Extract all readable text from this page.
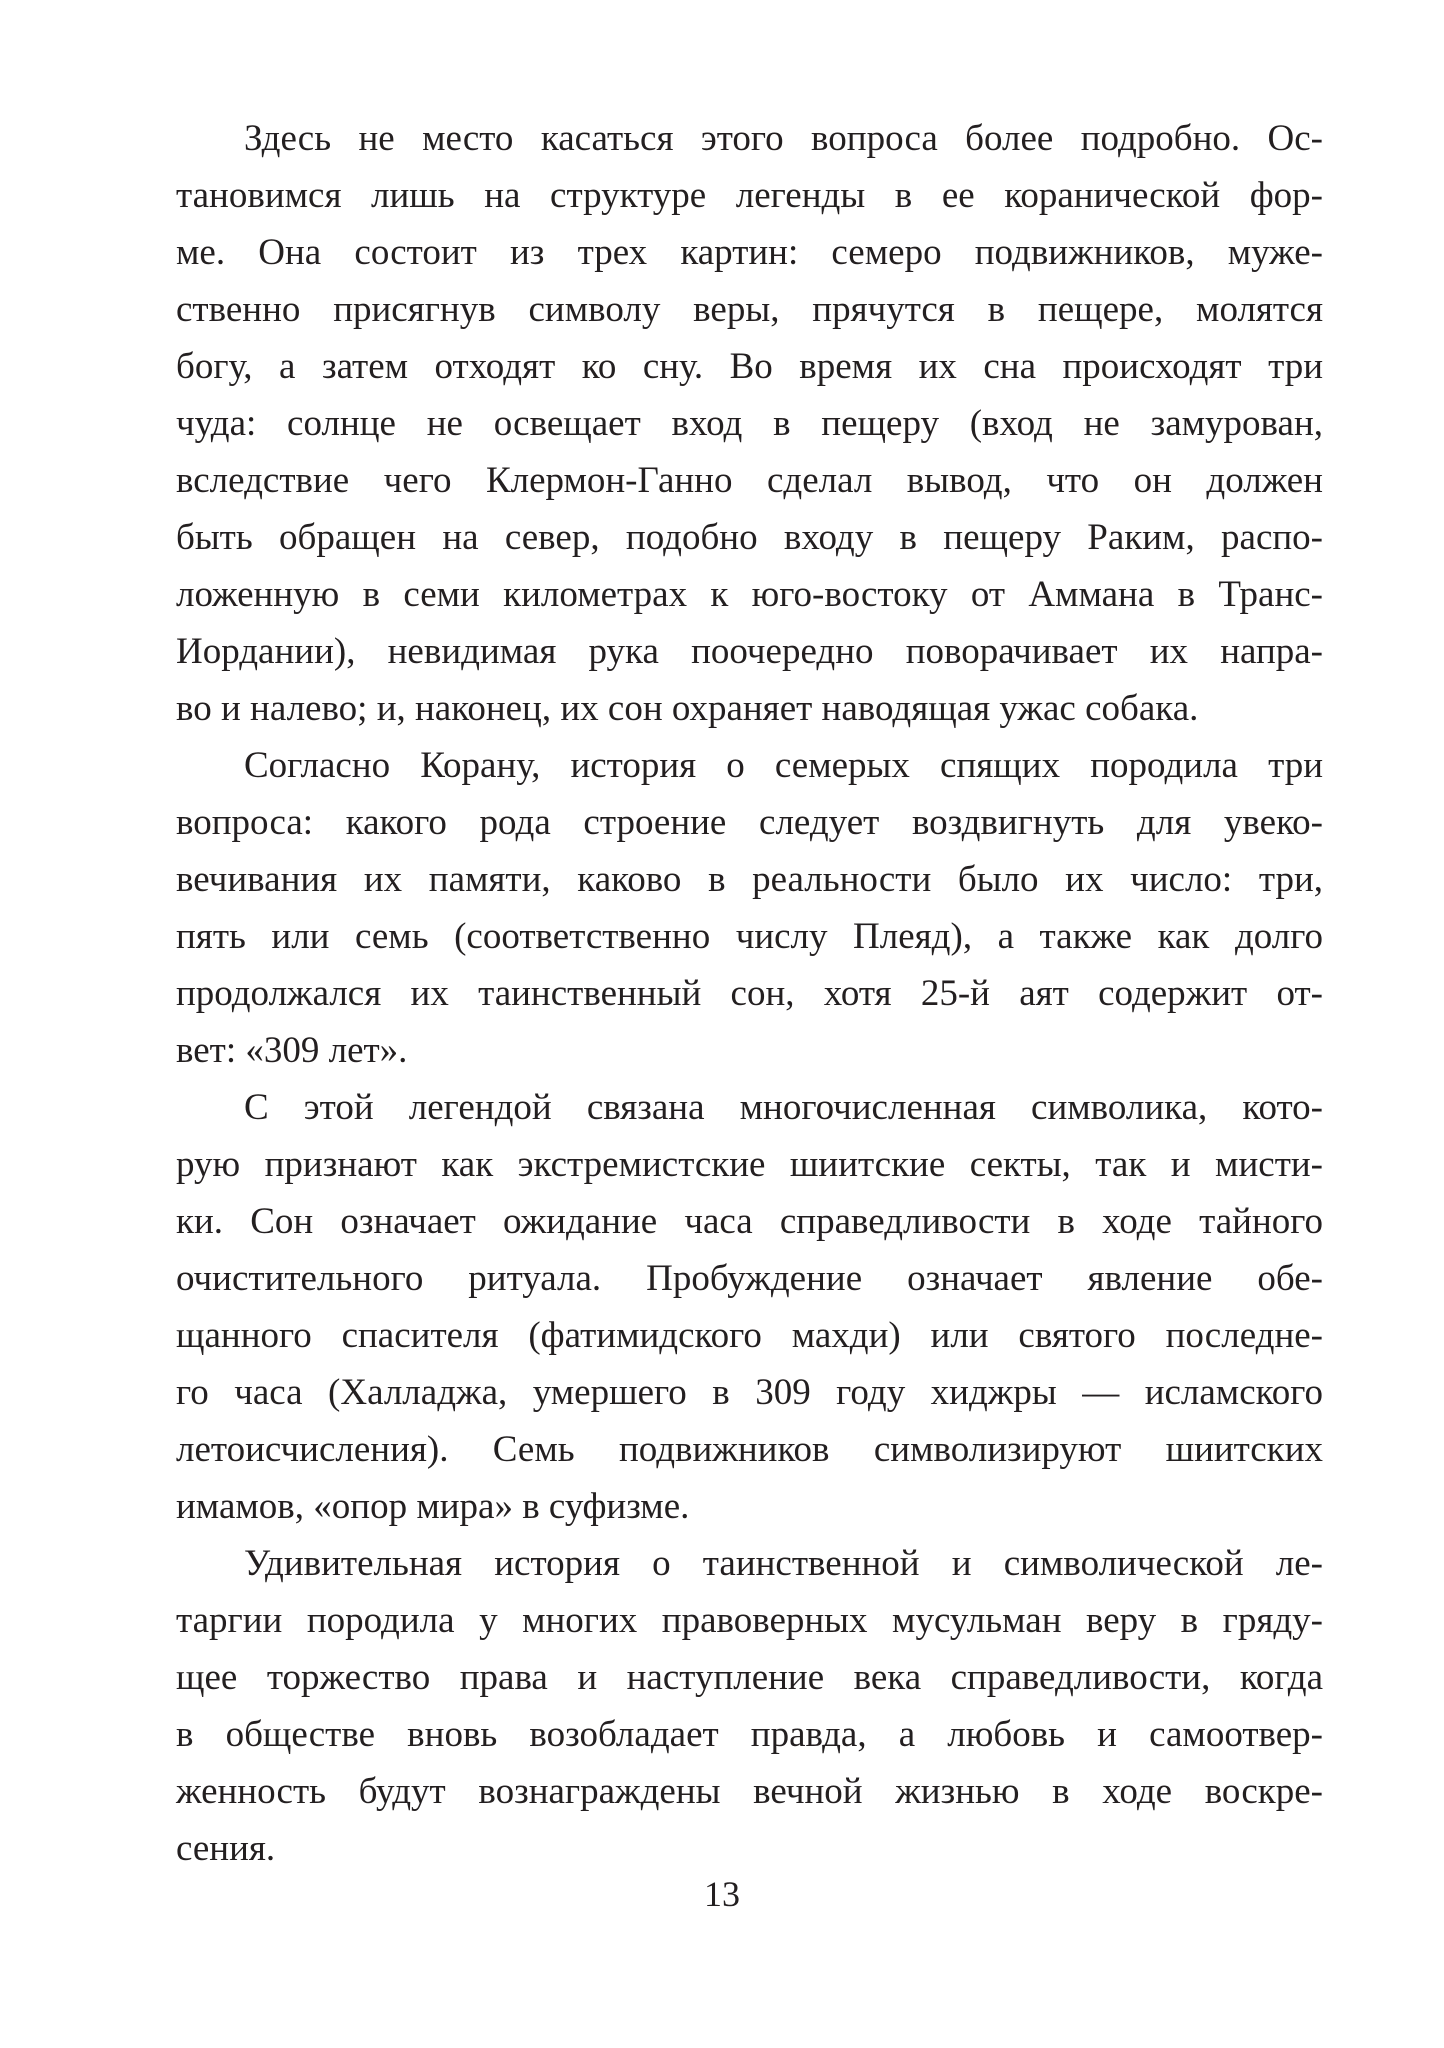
Здесь не место касаться этого вопроса более подробно. Ос-
тановимся лишь на структуре легенды в ее коранической фор-
ме. Она состоит из трех картин: семеро подвижников, муже-
ственно присягнув символу веры, прячутся в пещере, молятся
богу, а затем отходят ко сну. Во время их сна происходят три
чуда: солнце не освещает вход в пещеру (вход не замурован,
вследствие чего Клермон-Ганно сделал вывод, что он должен
быть обращен на север, подобно входу в пещеру Раким, распо-
ложенную в семи километрах к юго-востоку от Аммана в Транс-
Иордании), невидимая рука поочередно поворачивает их напра-
во и налево; и, наконец, их сон охраняет наводящая ужас собака.

Согласно Корану, история о семерых спящих породила три
вопроса: какого рода строение следует воздвигнуть для увеко-
вечивания их памяти, каково в реальности было их число: три,
пять или семь (соответственно числу Плеяд), а также как долго
продолжался их таинственный сон, хотя 25-й аят содержит от-
вет: «309 лет».

С этой легендой связана многочисленная символика, кото-
рую признают как экстремистские шиитские секты, так и мисти-
ки. Сон означает ожидание часа справедливости в ходе тайного
очистительного ритуала. Пробуждение означает явление обе-
щанного спасителя (фатимидского махди) или святого последне-
го часа (Халладжа, умершего в 309 году хиджры — исламского
летоисчисления). Семь подвижников символизируют шиитских
имамов, «опор мира» в суфизме.

Удивительная история о таинственной и символической ле-
таргии породила у многих правоверных мусульман веру в гряду-
щее торжество права и наступление века справедливости, когда
в обществе вновь возобладает правда, а любовь и самоотвер-
женность будут вознаграждены вечной жизнью в ходе воскре-
сения.

13
